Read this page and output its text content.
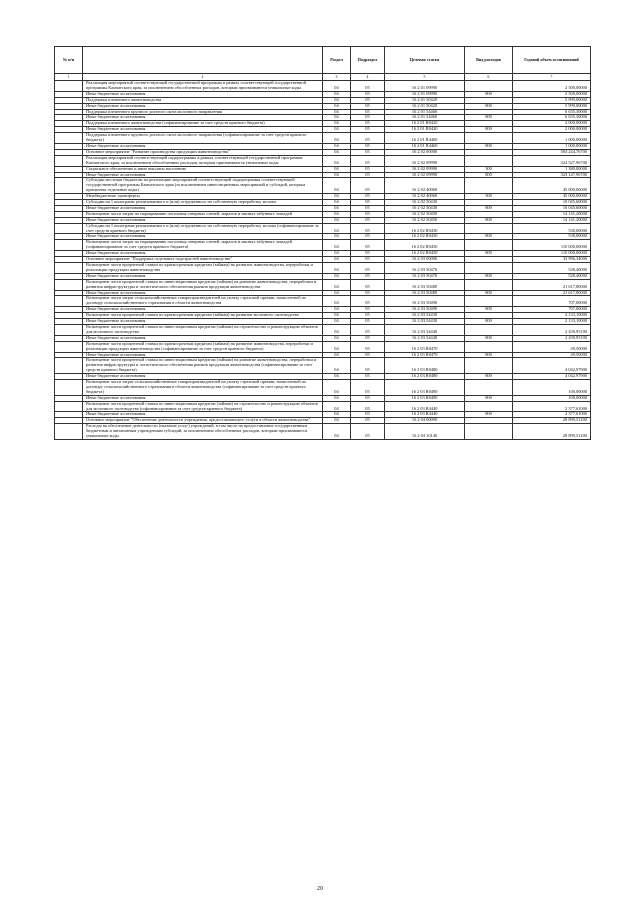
№ п/п		Раздел	Подраздел	Целевая статья	Вид расходов	Годовой объем ассигнований
1	2	3	4	5	6	7
	Реализация мероприятий соответствующей государственной программы в рамках соответствующей государственной программы Камчатского края, за исключением обособленных расходов, которым присваиваются уникальные коды	04	05	16 2 01 09990		2 500,00000
	Иные бюджетные ассигнования	04	05	16 2 01 09990	800	2 500,00000
	Поддержка племенного животноводства	04	05	16 2 01 50420		5 999,00000
	Иные бюджетные ассигнования	04	05	16 2 01 50420	800	5 999,00000
	Поддержка племенного крупного рогатого скота молочного направления	04	05	16 2 01 54460		6 635,30000
	Иные бюджетные ассигнования	04	05	16 2 01 54460	800	6 635,30000
	Поддержка племенного животноводства (софинансирование за счет средств краевого бюджета)	04	05	16 2 01 R0420		2 000,00000
	Иные бюджетные ассигнования	04	05	16 2 01 R0420	800	2 000,00000
	Поддержка племенного крупного рогатого скота молочного направления (софинансирование за счет средств краевого бюджета)	04	05	16 2 01 R4460		1 000,00000
	Иные бюджетные ассигнования	04	05	16 2 01 R4460	800	1 000,00000
	Основное мероприятие "Развитие производства продукции животноводства"	04	05	16 2 02 00000		504 244,76700
	Реализация мероприятий соответствующей подпрограммы в рамках соответствующей государственной программы Камчатского края, за исключением обособленных расходов, которым присваиваются уникальные коды	04	05	16 2 02 09990		324 527,96700
	Социальное обеспечение и иные выплаты населению	04	05	16 2 02 09990	300	1 380,00000
	Иные бюджетные ассигнования	04	05	16 2 02 09990	800	323 147,96700
	Субсидии местным бюджетам на реализацию мероприятий соответствующей подпрограммы соответствующей государственной программы Камчатского края (за исключением инвестиционных мероприятий и субсидий, которым присвоены отдельные коды)	04	05	16 2 02 40060		45 000,00000
	Межбюджетные трансферты	04	05	16 2 02 40060	500	45 000,00000
	Субсидии на 1 килограмм реализованного и (или) отгруженного на собственную переработку молока	04	05	16 2 02 50430		10 045,60000
	Иные бюджетные ассигнования	04	05	16 2 02 50430	800	10 045,60000
	Возмещение части затрат по наращиванию поголовья северных оленей, маралов и мясных табунных лошадей	04	05	16 2 02 50450		14 141,20000
	Иные бюджетные ассигнования	04	05	16 2 02 50450	800	14 141,20000
	Субсидии на 1 килограмм реализованного и (или) отгруженного на собственную переработку молока (софинансирование за счет средств краевого бюджета)	04	05	16 2 02 R0430		530,00000
	Иные бюджетные ассигнования	04	05	16 2 02 R0430	800	530,00000
	Возмещение части затрат по наращиванию поголовья северных оленей, маралов и мясных табунных лошадей (софинансирование за счет средств краевого бюджета)	04	05	16 2 02 R0450		110 000,00000
	Иные бюджетные ассигнования	04	05	16 2 02 R0450	800	110 000,00000
	Основное мероприятие "Поддержка отдельных подотраслей животноводства"	04	05	16 2 03 00000		33 996,34000
	Возмещение части процентной ставки по краткосрочным кредитам (займам) на развитие животноводства, переработки и реализации продукции животноводства	04	05	16 2 03 50470		528,40000
	Иные бюджетные ассигнования	04	05	16 2 03 50470	800	528,40000
	Возмещение части процентной ставки по инвестиционным кредитам (займам) на развитие животноводства, переработки и развития инфраструктуры и логистического обеспечения рынков продукции животноводства	04	05	16 2 03 50480		21 617,80000
	Иные бюджетные ассигнования	04	05	16 2 03 50480	800	21 617,80000
	Возмещение части затрат сельскохозяйственных товаропроизводителей на уплату страховой премии, начисленной по договору сельскохозяйственного страхования в области животноводства	04	05	16 2 03 50490		707,00000
	Иные бюджетные ассигнования	04	05	16 2 03 50490	800	707,00000
	Возмещение части процентной ставки по краткосрочным кредитам (займам) на развитие молочного скотоводства	04	05	16 2 03 54430		2 133,10000
	Иные бюджетные ассигнования	04	05	16 2 03 54430	800	2 133,10000
	Возмещение части процентной ставки по инвестиционным кредитам (займам) на строительство и реконструкцию объектов для молочного скотоводства	04	05	16 2 03 54440		2 439,95100
	Иные бюджетные ассигнования	04	05	16 2 03 54440	800	2 439,95100
	Возмещение части процентной ставки по краткосрочным кредитам (займам) на развитие животноводства, переработки и реализации продукции животноводства (софинансирование за счет средств краевого бюджета)	04	05	16 2 03 R0470		49,50000
	Иные бюджетные ассигнования	04	05	16 2 03 R0470	800	49,50000
	Возмещение части процентной ставки по инвестиционным кредитам (займам) на развитие животноводства, переработки и развития инфраструктуры и логистического обеспечения рынков продукции животноводства (софинансирование за счет средств краевого бюджета)	04	05	16 2 03 R0480		4 042,97900
	Иные бюджетные ассигнования	04	05	16 2 03 R0480	800	4 042,97900
	Возмещение части затрат сельскохозяйственных товаропроизводителей на уплату страховой премии, начисленной по договору сельскохозяйственного страхования в области животноводства (софинансирование за счет средств краевого бюджета)	04	05	16 2 03 R0490		100,00000
	Иные бюджетные ассигнования	04	05	16 2 03 R0490	800	100,00000
	Возмещение части процентной ставки по инвестиционным кредитам (займам) на строительство и реконструкцию объектов для молочного скотоводства (софинансирование за счет средств краевого бюджета)	04	05	16 2 03 R4440		2 377,61000
	Иные бюджетные ассигнования	04	05	16 2 03 R4440	800	2 377,61000
	Основное мероприятие "Обеспечение деятельности учреждения, предоставляющего услуги в области животноводства"	04	05	16 2 04 00000		28 899,51200
	Расходы на обеспечение деятельности (оказание услуг) учреждений, в том числе на предоставление государственным бюджетным и автономным учреждениям субсидий, за исключением обособленных расходов, которым присваиваются уникальные коды	04	05	16 2 04 10140		28 899,51200
20
